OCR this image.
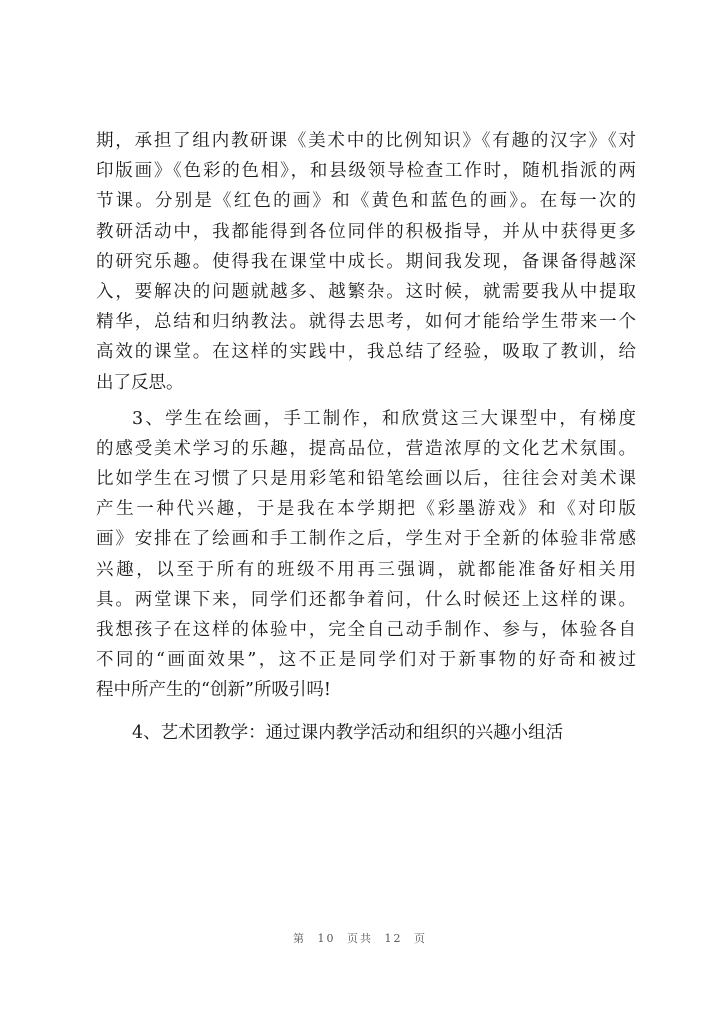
期，承担了组内教研课《美术中的比例知识》《有趣的汉字》《对
印版画》《色彩的色相》，和县级领导检查工作时，随机指派的两
节课。分别是《红色的画》和《黄色和蓝色的画》。在每一次的
教研活动中，我都能得到各位同伴的积极指导，并从中获得更多
的研究乐趣。使得我在课堂中成长。期间我发现，备课备得越深
入，要解决的问题就越多、越繁杂。这时候，就需要我从中提取
精华，总结和归纳教法。就得去思考，如何才能给学生带来一个
高效的课堂。在这样的实践中，我总结了经验，吸取了教训，给
出了反思。
3、学生在绘画，手工制作，和欣赏这三大课型中，有梯度
的感受美术学习的乐趣，提高品位，营造浓厚的文化艺术氛围。
比如学生在习惯了只是用彩笔和铅笔绘画以后，往往会对美术课
产生一种代兴趣，于是我在本学期把《彩墨游戏》和《对印版
画》安排在了绘画和手工制作之后，学生对于全新的体验非常感
兴趣，以至于所有的班级不用再三强调，就都能准备好相关用
具。两堂课下来，同学们还都争着问，什么时候还上这样的课。
我想孩子在这样的体验中，完全自己动手制作、参与，体验各自
不同的“画面效果”，这不正是同学们对于新事物的好奇和被过
程中所产生的“创新”所吸引吗!
4、艺术团教学：通过课内教学活动和组织的兴趣小组活
第 10 页共 12 页
